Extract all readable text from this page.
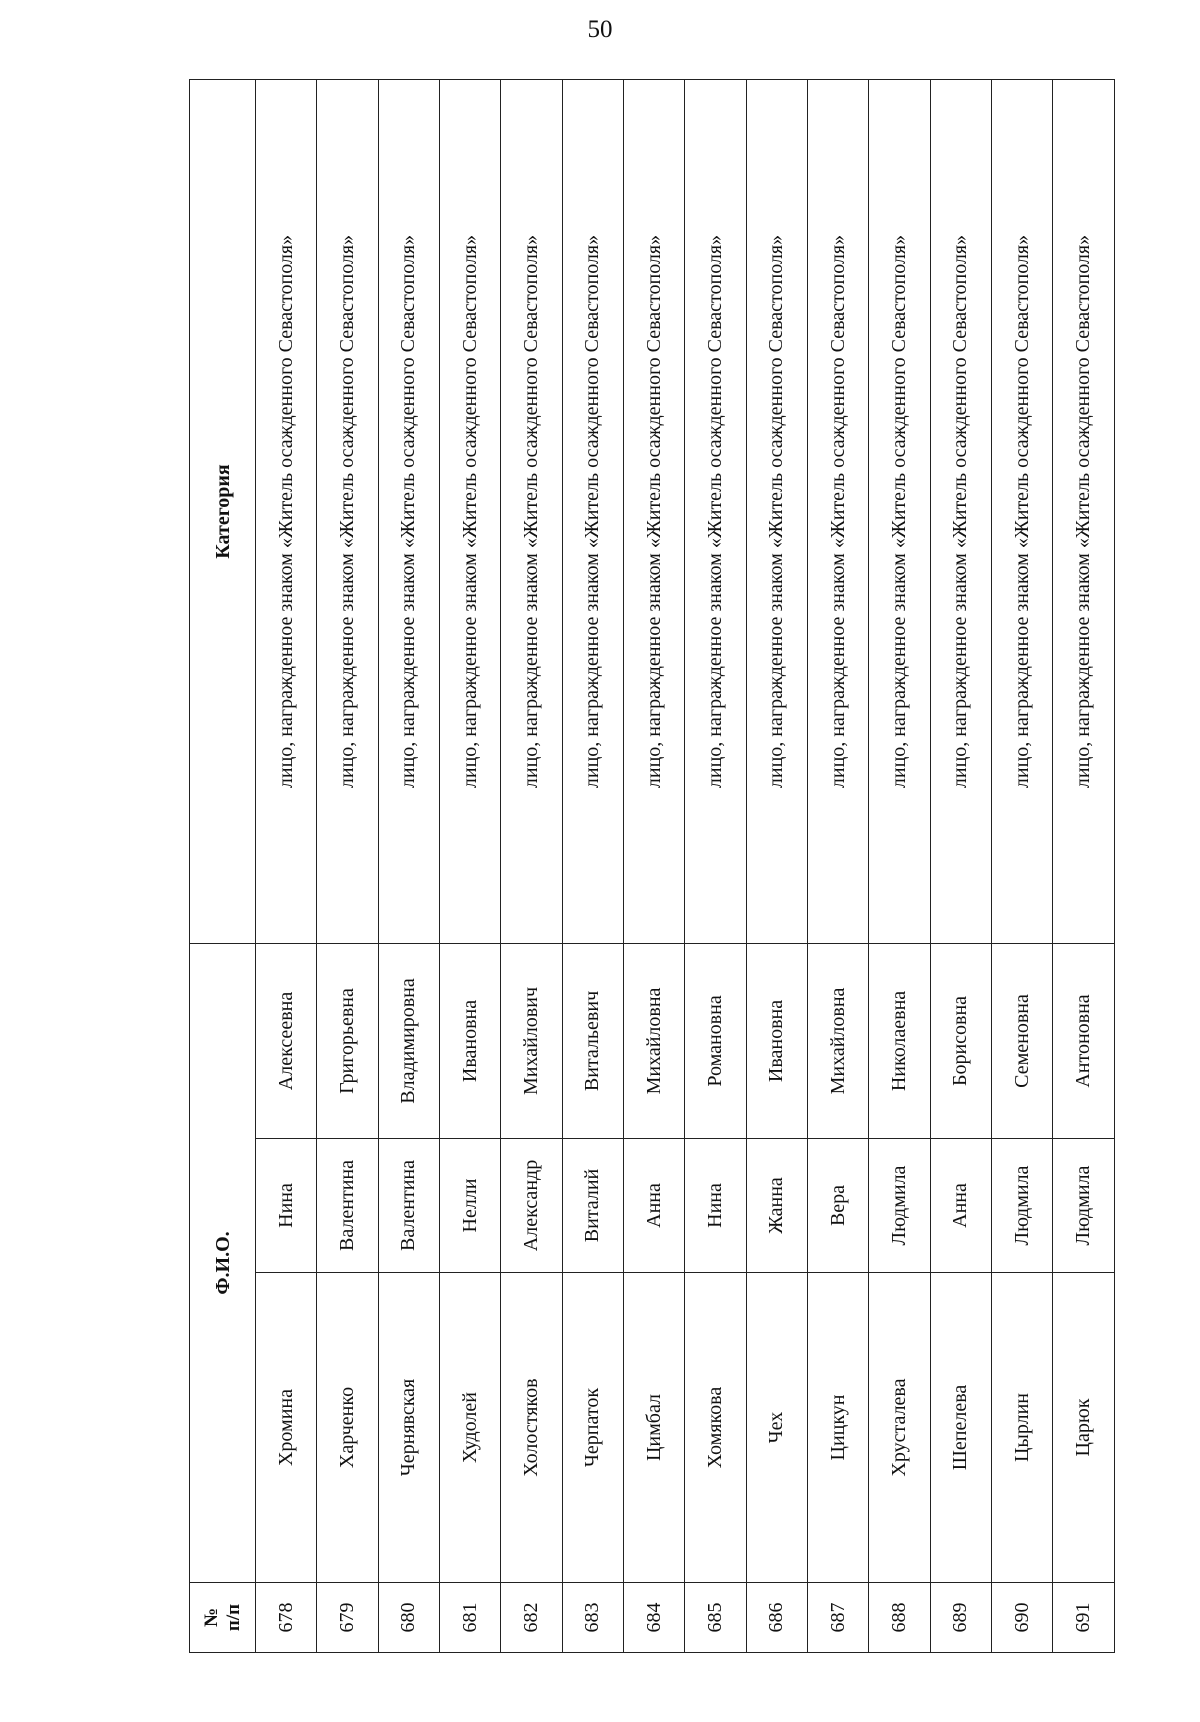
50
№
п/п	Ф.И.О.			Категория
678	Хромина	Нина	Алексеевна	лицо, награжденное знаком «Житель осажденного Севастополя»
679	Харченко	Валентина	Григорьевна	лицо, награжденное знаком «Житель осажденного Севастополя»
680	Чернявская	Валентина	Владимировна	лицо, награжденное знаком «Житель осажденного Севастополя»
681	Худолей	Нелли	Ивановна	лицо, награжденное знаком «Житель осажденного Севастополя»
682	Холостяков	Александр	Михайлович	лицо, награжденное знаком «Житель осажденного Севастополя»
683	Черпаток	Виталий	Витальевич	лицо, награжденное знаком «Житель осажденного Севастополя»
684	Цимбал	Анна	Михайловна	лицо, награжденное знаком «Житель осажденного Севастополя»
685	Хомякова	Нина	Романовна	лицо, награжденное знаком «Житель осажденного Севастополя»
686	Чех	Жанна	Ивановна	лицо, награжденное знаком «Житель осажденного Севастополя»
687	Цицкун	Вера	Михайловна	лицо, награжденное знаком «Житель осажденного Севастополя»
688	Хрусталева	Людмила	Николаевна	лицо, награжденное знаком «Житель осажденного Севастополя»
689	Шепелева	Анна	Борисовна	лицо, награжденное знаком «Житель осажденного Севастополя»
690	Цырлин	Людмила	Семеновна	лицо, награжденное знаком «Житель осажденного Севастополя»
691	Царюк	Людмила	Антоновна	лицо, награжденное знаком «Житель осажденного Севастополя»
